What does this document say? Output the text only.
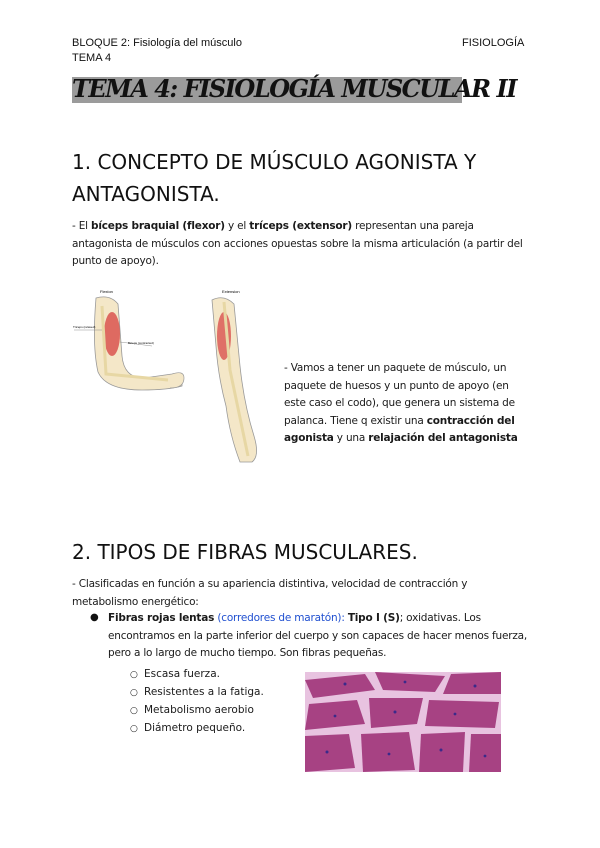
BLOQUE 2: Fisiología del músculo	FISIOLOGÍA
TEMA 4
TEMA 4: FISIOLOGÍA MUSCULAR II
1. CONCEPTO DE MÚSCULO AGONISTA Y
ANTAGONISTA.
- El bíceps braquial (flexor) y el tríceps (extensor) representan una pareja antagonista de músculos con acciones opuestas sobre la misma articulación (a partir del punto de apoyo).
Flexion	Extension
Triceps (relaxed)
Biceps (contracted)
- Vamos a tener un paquete de músculo, un paquete de huesos y un punto de apoyo (en este caso el codo), que genera un sistema de palanca. Tiene q existir una contracción del agonista y una relajación del antagonista
2. TIPOS DE FIBRAS MUSCULARES.
- Clasificadas en función a su apariencia distintiva, velocidad de contracción y metabolismo energético:
● Fibras rojas lentas (corredores de maratón): Tipo I (S); oxidativas. Los encontramos en la parte inferior del cuerpo y son capaces de hacer menos fuerza, pero a lo largo de mucho tiempo. Son fibras pequeñas.
○ Escasa fuerza.
○ Resistentes a la fatiga.
○ Metabolismo aerobio
○ Diámetro pequeño.
